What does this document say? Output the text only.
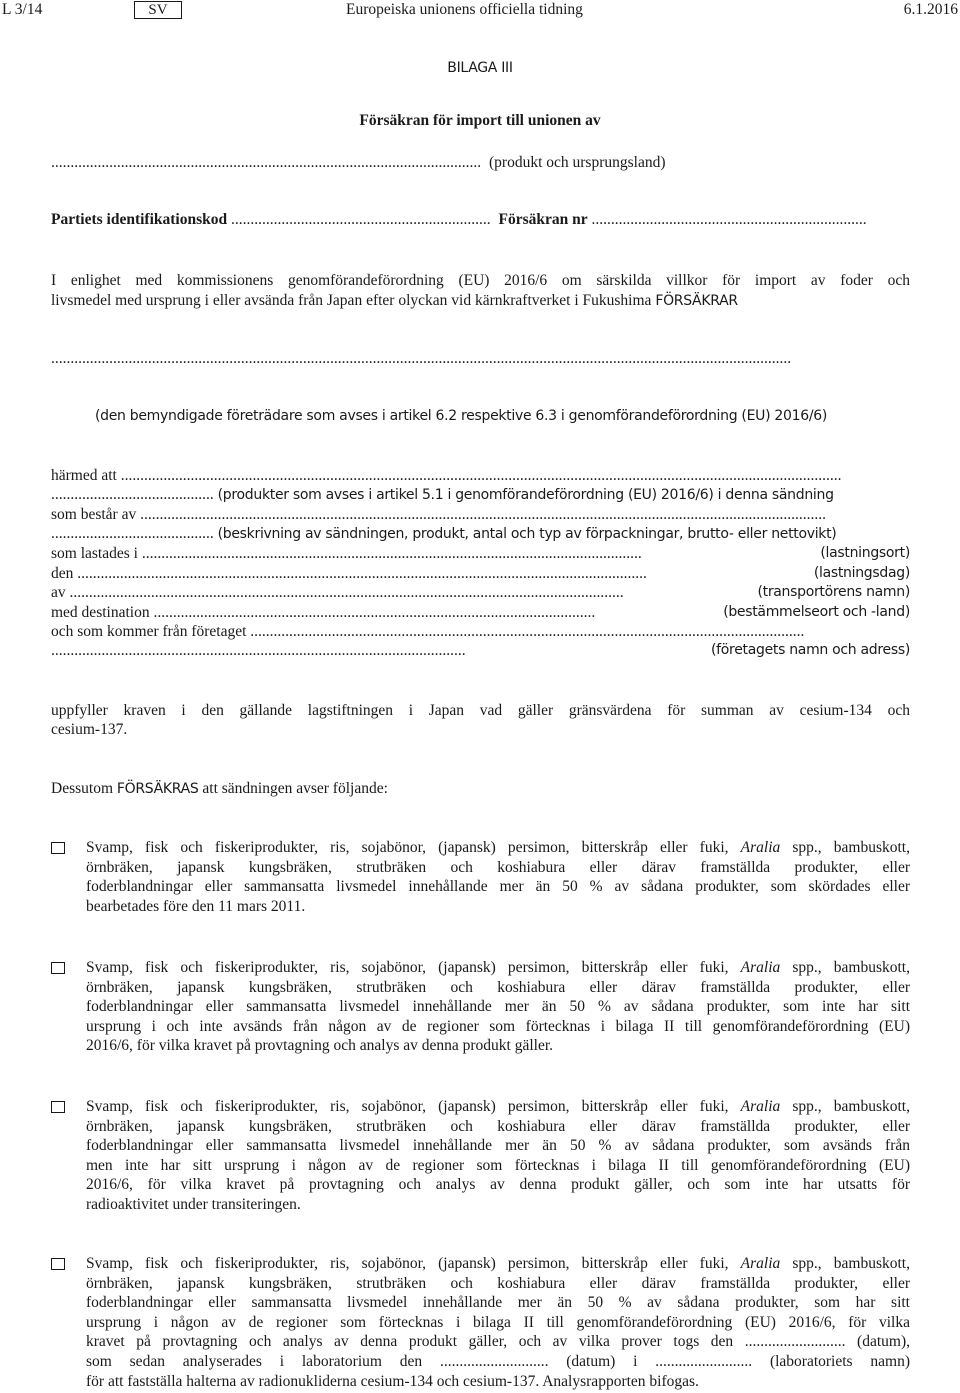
L 3/14	SV	Europeiska unionens officiella tidning	6.1.2016
BILAGA III
Försäkran för import till unionen av
............................................................................................................... (produkt och ursprungsland)
Partiets identifikationskod ................................................................... Försäkran nr .......................................................................
I enlighet med kommissionens genomförandeförordning (EU) 2016/6 om särskilda villkor för import av foder och
livsmedel med ursprung i eller avsända från Japan efter olyckan vid kärnkraftverket i Fukushima FÖRSÄKRAR
...............................................................................................................................................................................................
(den bemyndigade företrädare som avses i artikel 6.2 respektive 6.3 i genomförandeförordning (EU) 2016/6)
härmed att ..........................................................................................................................................................................................
.......................................... (produkter som avses i artikel 5.1 i genomförandeförordning (EU) 2016/6) i denna sändning
som består av .................................................................................................................................................................................
.......................................... (beskrivning av sändningen, produkt, antal och typ av förpackningar, brutto- eller nettovikt)
som lastades i .................................................................................................................................	(lastningsort)
den ...................................................................................................................................................	(lastningsdag)
av ...............................................................................................................................................	(transportörens namn)
med destination ..................................................................................................................	(bestämmelseort och -land)
och som kommer från företaget ...............................................................................................................................................
...........................................................................................................	(företagets namn och adress)
uppfyller kraven i den gällande lagstiftningen i Japan vad gäller gränsvärdena för summan av cesium-134 och
cesium-137.
Dessutom FÖRSÄKRAS att sändningen avser följande:
Svamp, fisk och fiskeriprodukter, ris, sojabönor, (japansk) persimon, bitterskråp eller fuki, Aralia spp., bambuskott,
örnbräken, japansk kungsbräken, strutbräken och koshiabura eller därav framställda produkter, eller
foderblandningar eller sammansatta livsmedel innehållande mer än 50 % av sådana produkter, som skördades eller
bearbetades före den 11 mars 2011.
Svamp, fisk och fiskeriprodukter, ris, sojabönor, (japansk) persimon, bitterskråp eller fuki, Aralia spp., bambuskott,
örnbräken, japansk kungsbräken, strutbräken och koshiabura eller därav framställda produkter, eller
foderblandningar eller sammansatta livsmedel innehållande mer än 50 % av sådana produkter, som inte har sitt
ursprung i och inte avsänds från någon av de regioner som förtecknas i bilaga II till genomförandeförordning (EU)
2016/6, för vilka kravet på provtagning och analys av denna produkt gäller.
Svamp, fisk och fiskeriprodukter, ris, sojabönor, (japansk) persimon, bitterskråp eller fuki, Aralia spp., bambuskott,
örnbräken, japansk kungsbräken, strutbräken och koshiabura eller därav framställda produkter, eller
foderblandningar eller sammansatta livsmedel innehållande mer än 50 % av sådana produkter, som avsänds från
men inte har sitt ursprung i någon av de regioner som förtecknas i bilaga II till genomförandeförordning (EU)
2016/6, för vilka kravet på provtagning och analys av denna produkt gäller, och som inte har utsatts för
radioaktivitet under transiteringen.
Svamp, fisk och fiskeriprodukter, ris, sojabönor, (japansk) persimon, bitterskråp eller fuki, Aralia spp., bambuskott,
örnbräken, japansk kungsbräken, strutbräken och koshiabura eller därav framställda produkter, eller
foderblandningar eller sammansatta livsmedel innehållande mer än 50 % av sådana produkter, som har sitt
ursprung i någon av de regioner som förtecknas i bilaga II till genomförandeförordning (EU) 2016/6, för vilka
kravet på provtagning och analys av denna produkt gäller, och av vilka prover togs den .......................... (datum),
som sedan analyserades i laboratorium den ............................ (datum) i ......................... (laboratoriets namn)
för att fastställa halterna av radionukliderna cesium-134 och cesium-137. Analysrapporten bifogas.
